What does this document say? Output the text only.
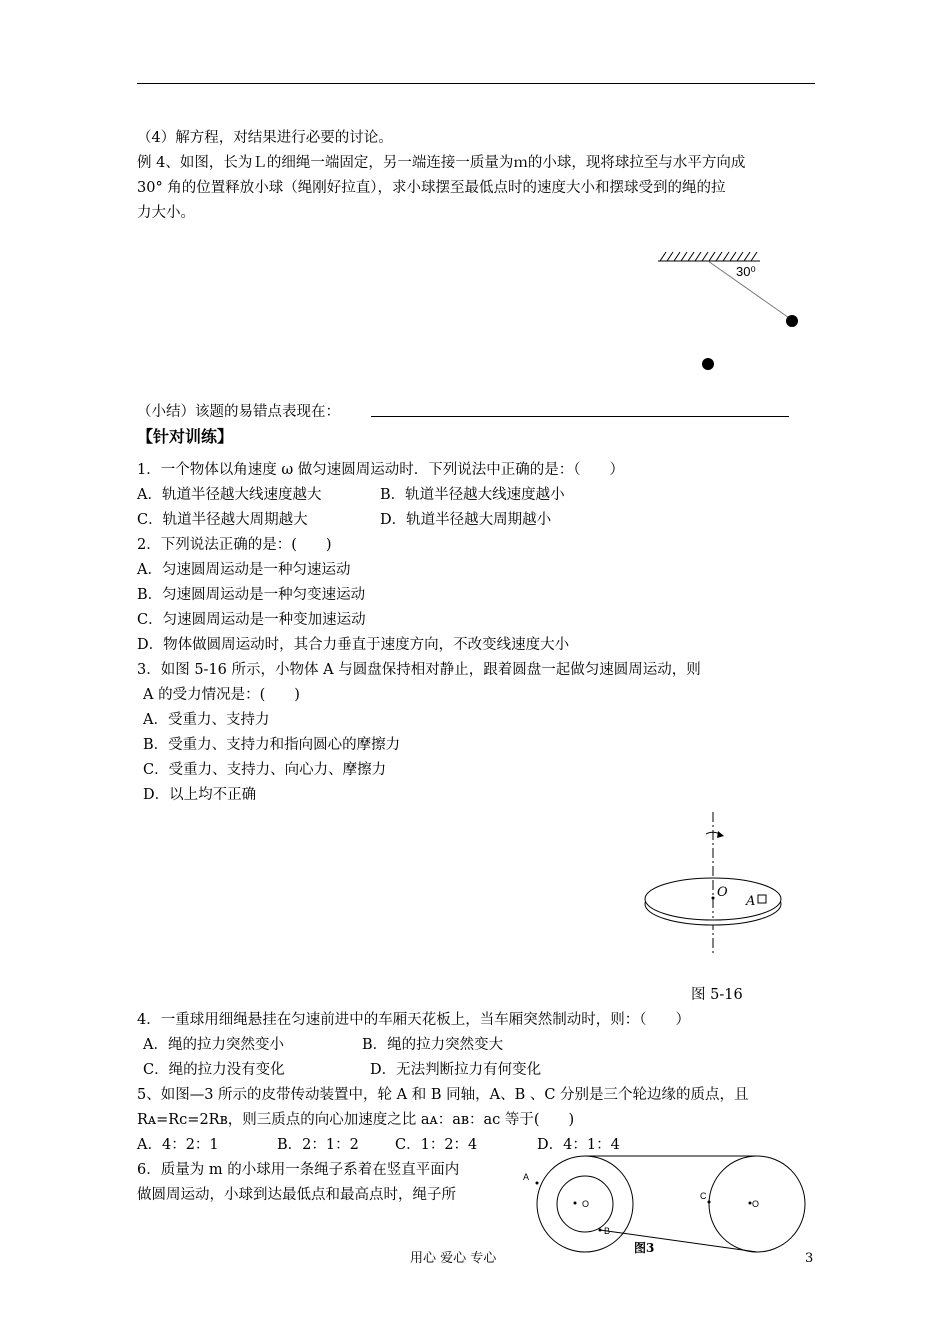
（4）解方程，对结果进行必要的讨论。
例 4、如图，长为Ｌ的细绳一端固定，另一端连接一质量为ｍ的小球，现将球拉至与水平方向成
30° 角的位置释放小球（绳刚好拉直），求小球摆至最低点时的速度大小和摆球受到的绳的拉
力大小。
30⁰
（小结）该题的易错点表现在：
【针对训练】
1．一个物体以角速度 ω 做匀速圆周运动时．下列说法中正确的是：（　　）
A．轨道半径越大线速度越大	B．轨道半径越大线速度越小
C．轨道半径越大周期越大	D．轨道半径越大周期越小
2．下列说法正确的是：(　　)
A．匀速圆周运动是一种匀速运动
B．匀速圆周运动是一种匀变速运动
C．匀速圆周运动是一种变加速运动
D．物体做圆周运动时，其合力垂直于速度方向，不改变线速度大小
3．如图 5-16 所示，小物体 A 与圆盘保持相对静止，跟着圆盘一起做匀速圆周运动，则
A 的受力情况是：(　　)
A．受重力、支持力
B．受重力、支持力和指向圆心的摩擦力
C．受重力、支持力、向心力、摩擦力
D．以上均不正确
O
A
图 5-16
4．一重球用细绳悬挂在匀速前进中的车厢天花板上，当车厢突然制动时，则：（　　）
A．绳的拉力突然变小	B．绳的拉力突然变大
C．绳的拉力没有变化	D．无法判断拉力有何变化
5、如图—3 所示的皮带传动装置中，轮 A 和 B 同轴，A、B 、C 分别是三个轮边缘的质点，且
Rᴀ=Rᴄ=2Rʙ，则三质点的向心加速度之比 aᴀ：aʙ：aᴄ 等于(　　)
A．4：2：1	B．2：1：2 C．1：2：4	D．4：1：4
6．质量为 m 的小球用一条绳子系着在竖直平面内
做圆周运动，小球到达最低点和最高点时，绳子所
A
O
B
C
O
图3
用心 爱心 专心	3
